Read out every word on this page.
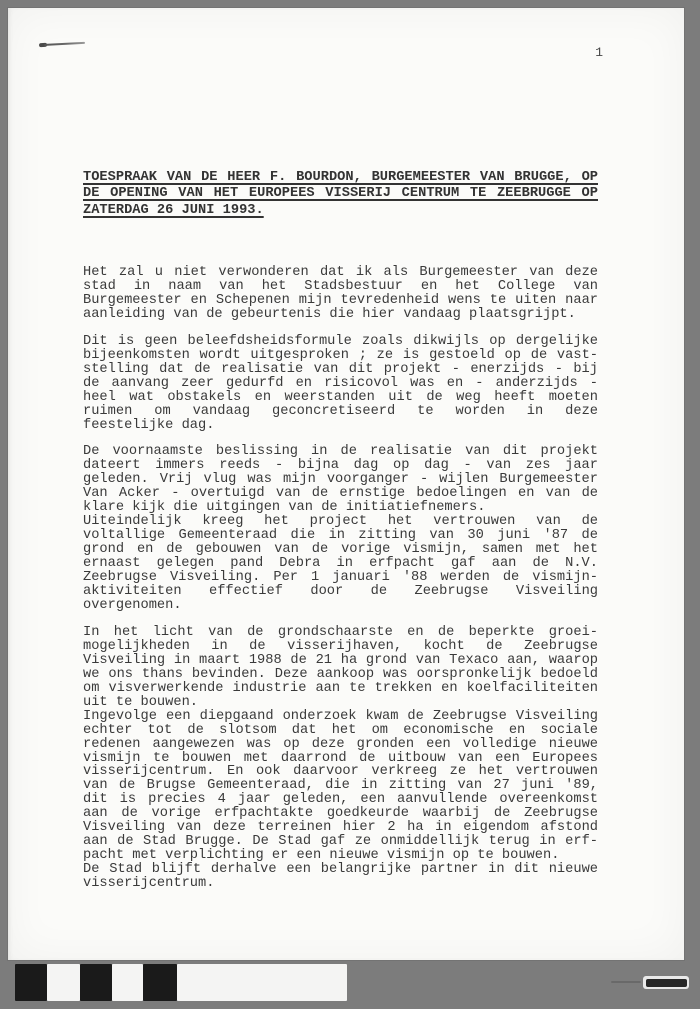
1
TOESPRAAK VAN DE HEER F. BOURDON, BURGEMEESTER VAN BRUGGE, OP
DE OPENING VAN HET EUROPEES VISSERIJ CENTRUM TE ZEEBRUGGE OP
ZATERDAG 26 JUNI 1993.

Het zal u niet verwonderen dat ik als Burgemeester van deze
stad in naam van het Stadsbestuur en het College van
Burgemeester en Schepenen mijn tevredenheid wens te uiten naar
aanleiding van de gebeurtenis die hier vandaag plaatsgrijpt.

Dit is geen beleefdsheidsformule zoals dikwijls op dergelijke
bijeenkomsten wordt uitgesproken ; ze is gestoeld op de vast-
stelling dat de realisatie van dit projekt - enerzijds - bij
de aanvang zeer gedurfd en risicovol was en - anderzijds -
heel wat obstakels en weerstanden uit de weg heeft moeten
ruimen om vandaag geconcretiseerd te worden in deze
feestelijke dag.

De voornaamste beslissing in de realisatie van dit projekt
dateert immers reeds - bijna dag op dag - van zes jaar
geleden. Vrij vlug was mijn voorganger - wijlen Burgemeester
Van Acker - overtuigd van de ernstige bedoelingen en van de
klare kijk die uitgingen van de initiatiefnemers.

Uiteindelijk kreeg het project het vertrouwen van de
voltallige Gemeenteraad die in zitting van 30 juni '87 de
grond en de gebouwen van de vorige vismijn, samen met het
ernaast gelegen pand Debra in erfpacht gaf aan de N.V.
Zeebrugse Visveiling. Per 1 januari '88 werden de vismijn-
aktiviteiten effectief door de Zeebrugse Visveiling
overgenomen.

In het licht van de grondschaarste en de beperkte groei-
mogelijkheden in de visserijhaven, kocht de Zeebrugse
Visveiling in maart 1988 de 21 ha grond van Texaco aan, waarop
we ons thans bevinden. Deze aankoop was oorspronkelijk bedoeld
om visverwerkende industrie aan te trekken en koelfaciliteiten
uit te bouwen.

Ingevolge een diepgaand onderzoek kwam de Zeebrugse Visveiling
echter tot de slotsom dat het om economische en sociale
redenen aangewezen was op deze gronden een volledige nieuwe
vismijn te bouwen met daarrond de uitbouw van een Europees
visserijcentrum. En ook daarvoor verkreeg ze het vertrouwen
van de Brugse Gemeenteraad, die in zitting van 27 juni '89,
dit is precies 4 jaar geleden, een aanvullende overeenkomst
aan de vorige erfpachtakte goedkeurde waarbij de Zeebrugse
Visveiling van deze terreinen hier 2 ha in eigendom afstond
aan de Stad Brugge. De Stad gaf ze onmiddellijk terug in erf-
pacht met verplichting er een nieuwe vismijn op te bouwen.

De Stad blijft derhalve een belangrijke partner in dit nieuwe
visserijcentrum.
